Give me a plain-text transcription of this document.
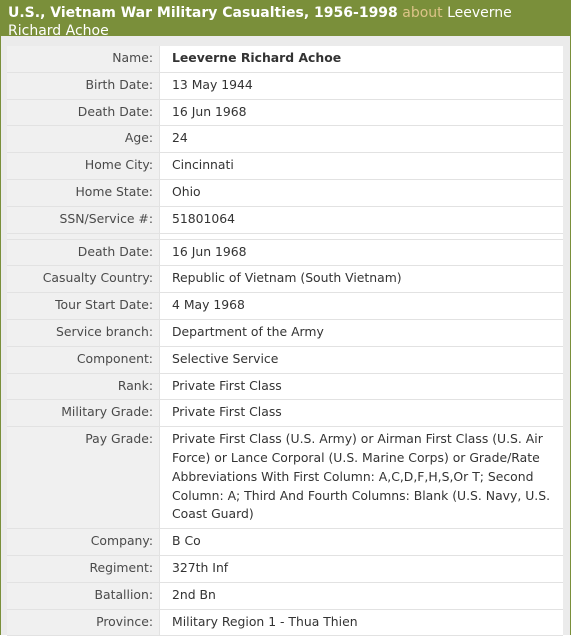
U.S., Vietnam War Military Casualties, 1956-1998 about Leeverne Richard Achoe
Name:	Leeverne Richard Achoe
Birth Date:	13 May 1944
Death Date:	16 Jun 1968
Age:	24
Home City:	Cincinnati
Home State:	Ohio
SSN/Service #:	51801064

Death Date:	16 Jun 1968
Casualty Country:	Republic of Vietnam (South Vietnam)
Tour Start Date:	4 May 1968
Service branch:	Department of the Army
Component:	Selective Service
Rank:	Private First Class
Military Grade:	Private First Class
Pay Grade:	Private First Class (U.S. Army) or Airman First Class (U.S. Air Force) or Lance Corporal (U.S. Marine Corps) or Grade/Rate Abbreviations With First Column: A,C,D,F,H,S,Or T; Second Column: A; Third And Fourth Columns: Blank (U.S. Navy, U.S. Coast Guard)
Company:	B Co
Regiment:	327th Inf
Batallion:	2nd Bn
Province:	Military Region 1 - Thua Thien
